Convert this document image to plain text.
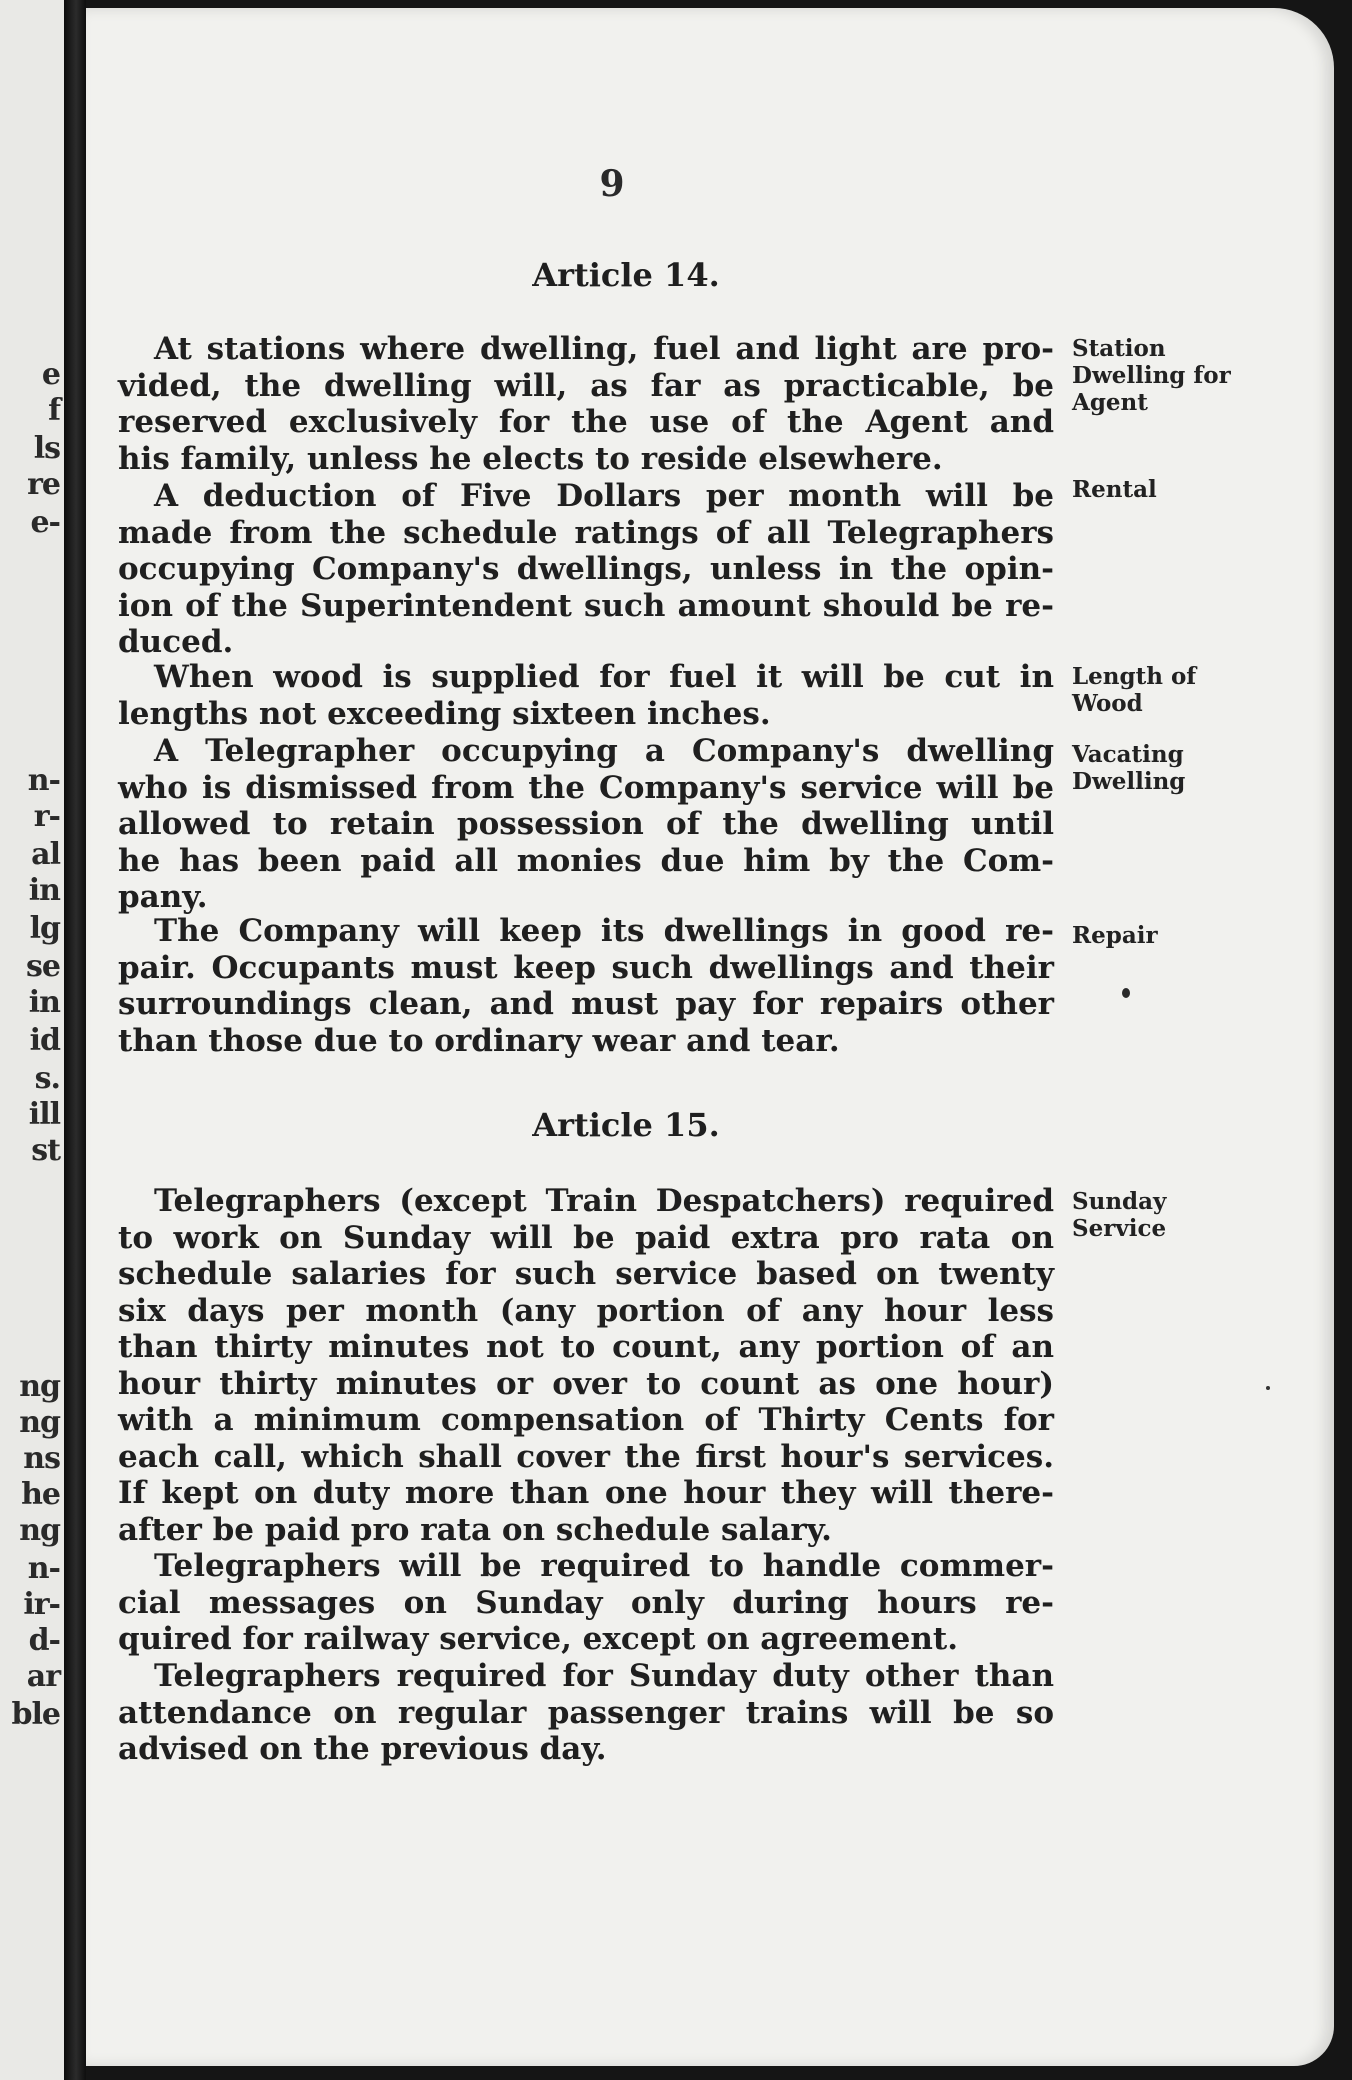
e
f
ls
re
e-
n-
r-
al
in
lg
se
in
id
s.
ill
st
ng
ng
ns
he
ng
n-
ir-
d-
ar
ble
9
Article 14.
Article 15.
At stations where dwelling, fuel and light are pro-
vided, the dwelling will, as far as practicable, be
reserved exclusively for the use of the Agent and
his family, unless he elects to reside elsewhere.
A deduction of Five Dollars per month will be
made from the schedule ratings of all Telegraphers
occupying Company's dwellings, unless in the opin-
ion of the Superintendent such amount should be re-
duced.
When wood is supplied for fuel it will be cut in
lengths not exceeding sixteen inches.
A Telegrapher occupying a Company's dwelling
who is dismissed from the Company's service will be
allowed to retain possession of the dwelling until
he has been paid all monies due him by the Com-
pany.
The Company will keep its dwellings in good re-
pair. Occupants must keep such dwellings and their
surroundings clean, and must pay for repairs other
than those due to ordinary wear and tear.
Telegraphers (except Train Despatchers) required
to work on Sunday will be paid extra pro rata on
schedule salaries for such service based on twenty
six days per month (any portion of any hour less
than thirty minutes not to count, any portion of an
hour thirty minutes or over to count as one hour)
with a minimum compensation of Thirty Cents for
each call, which shall cover the first hour's services.
If kept on duty more than one hour they will there-
after be paid pro rata on schedule salary.
Telegraphers will be required to handle commer-
cial messages on Sunday only during hours re-
quired for railway service, except on agreement.
Telegraphers required for Sunday duty other than
attendance on regular passenger trains will be so
advised on the previous day.
Station
Dwelling for
Agent
Rental
Length of
Wood
Vacating
Dwelling
Repair
Sunday
Service
